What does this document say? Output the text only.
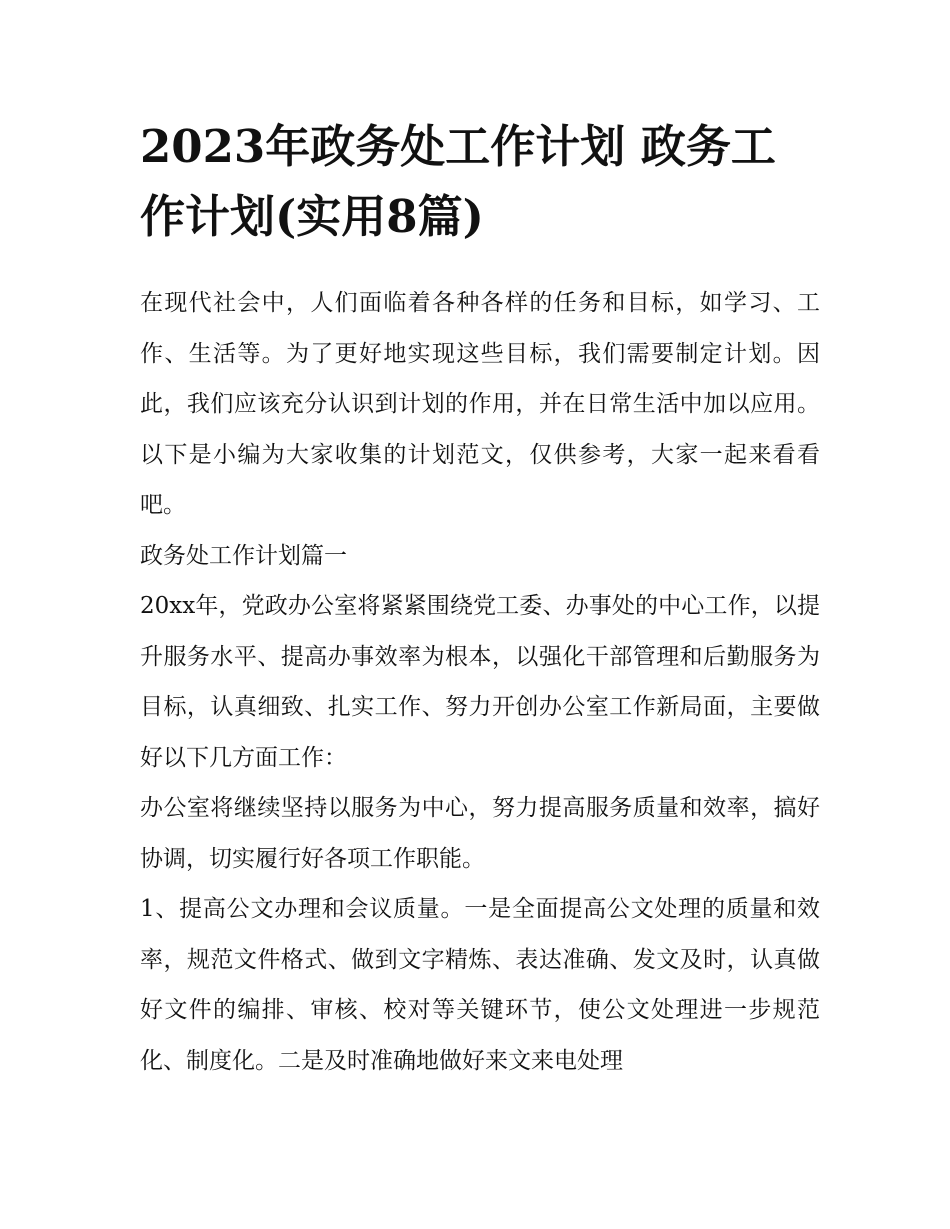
2023年政务处工作计划 政务工作计划(实用8篇)

在现代社会中，人们面临着各种各样的任务和目标，如学习、工作、生活等。为了更好地实现这些目标，我们需要制定计划。因此，我们应该充分认识到计划的作用，并在日常生活中加以应用。以下是小编为大家收集的计划范文，仅供参考，大家一起来看看吧。

政务处工作计划篇一

20xx年，党政办公室将紧紧围绕党工委、办事处的中心工作，以提升服务水平、提高办事效率为根本，以强化干部管理和后勤服务为目标，认真细致、扎实工作、努力开创办公室工作新局面，主要做好以下几方面工作：

办公室将继续坚持以服务为中心，努力提高服务质量和效率，搞好协调，切实履行好各项工作职能。

1、提高公文办理和会议质量。一是全面提高公文处理的质量和效率，规范文件格式、做到文字精炼、表达准确、发文及时，认真做好文件的编排、审核、校对等关键环节，使公文处理进一步规范化、制度化。二是及时准确地做好来文来电处理
